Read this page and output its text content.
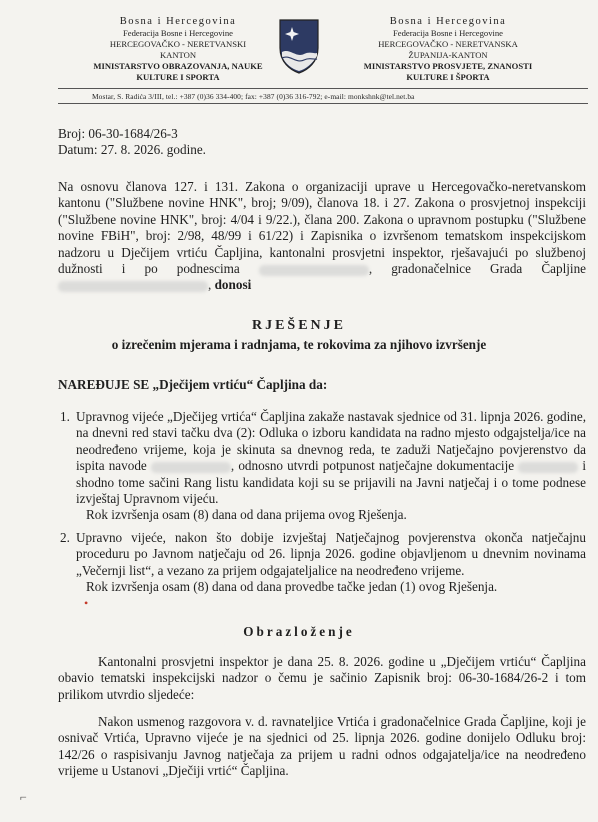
Bosna i Hercegovina
Federacija Bosne i Hercegovine
HERCEGOVAČKO - NERETVANSKI
KANTON
MINISTARSTVO OBRAZOVANJA, NAUKE
KULTURE I SPORTA
Bosna i Hercegovina
Federacija Bosne i Hercegovine
HERCEGOVAČKO - NERETVANSKA
ŽUPANIJA-KANTON
MINISTARSTVO PROSVJETE, ZNANOSTI
KULTURE I ŠPORTA
Mostar, S. Radića 3/III, tel.: +387 (0)36 334-400; fax: +387 (0)36 316-792; e-mail: monkshnk@tel.net.ba
Broj: 06-30-1684/26-3
Datum: 27. 8. 2026. godine.
Na osnovu članova 127. i 131. Zakona o organizaciji uprave u Hercegovačko-neretvanskom kantonu ("Službene novine HNK", broj; 9/09), članova 18. i 27. Zakona o prosvjetnoj inspekciji ("Službene novine HNK", broj: 4/04 i 9/22.), člana 200. Zakona o upravnom postupku ("Službene novine FBiH", broj: 2/98, 48/99 i 61/22) i Zapisnika o izvršenom tematskom inspekcijskom nadzoru u Dječijem vrtiću Čapljina, kantonalni prosvjetni inspektor, rješavajući po službenoj dužnosti i po podnescima	, gradonačelnice Grada Čapljine , donosi
RJEŠENJE
o izrečenim mjerama i radnjama, te rokovima za njihovo izvršenje
NAREĐUJE SE „Dječijem vrtiću“ Čapljina da:
1. Upravnog vijeće „Dječijeg vrtića“ Čapljina zakaže nastavak sjednice od 31. lipnja 2026. godine, na dnevni red stavi tačku dva (2): Odluka o izboru kandidata na radno mjesto odgajstelja/ice na neodređeno vrijeme, koja je skinuta sa dnevnog reda, te zaduži Natječajno povjerenstvo da ispita navode	, odnosno utvrdi potpunost natječajne dokumentacije	i shodno tome sačini Rang listu kandidata koji su se prijavili na Javni natječaj i o tome podnese izvještaj Upravnom vijeću.
Rok izvršenja osam (8) dana od dana prijema ovog Rješenja.
2. Upravno vijeće, nakon što dobije izvještaj Natječajnog povjerenstva okonča natječajnu proceduru po Javnom natječaju od 26. lipnja 2026. godine objavljenom u dnevnim novinama „Večernji list“, a vezano za prijem odgajateljalice na neodređeno vrijeme.
Rok izvršenja osam (8) dana od dana provedbe tačke jedan (1) ovog Rješenja.
•
Obrazloženje
Kantonalni prosvjetni inspektor je dana 25. 8. 2026. godine u „Dječijem vrtiću“ Čapljina obavio tematski inspekcijski nadzor o čemu je sačinio Zapisnik broj: 06-30-1684/26-2 i tom prilikom utvrdio sljedeće:
Nakon usmenog razgovora v. d. ravnateljice Vrtića i gradonačelnice Grada Čapljine, koji je osnivač Vrtića, Upravno vijeće je na sjednici od 25. lipnja 2026. godine donijelo Odluku broj: 142/26 o raspisivanju Javnog natječaja za prijem u radni odnos odgajatelja/ice na neodređeno vrijeme u Ustanovi „Dječiji vrtić“ Čapljina.
⌐
